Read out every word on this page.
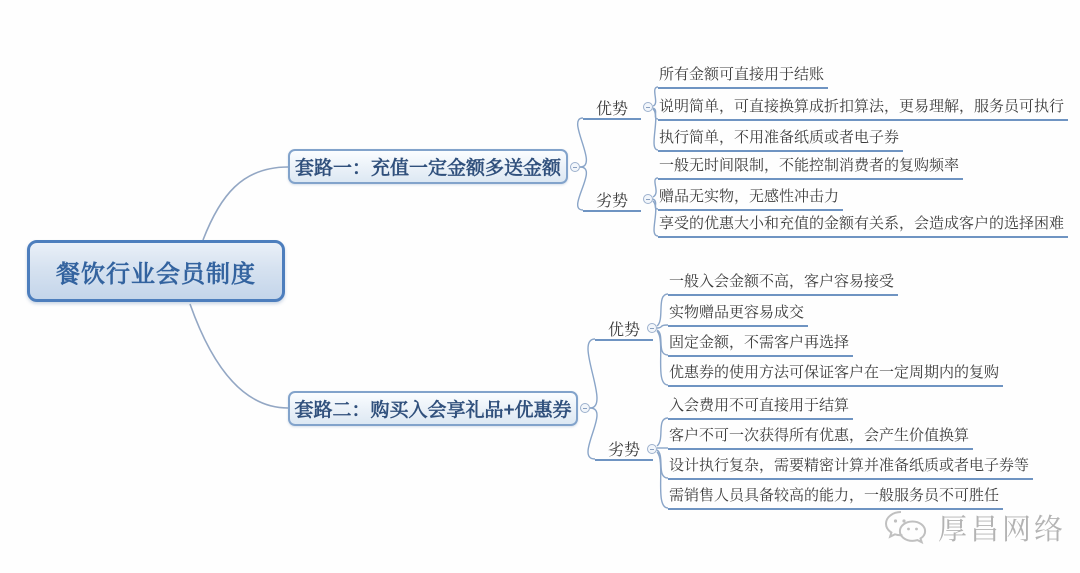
餐饮行业会员制度
套路一：充值一定金额多送金额
套路二：购买入会享礼品+优惠券
优势
劣势
优势
劣势
所有金额可直接用于结账
说明简单，可直接换算成折扣算法，更易理解，服务员可执行
执行简单，不用准备纸质或者电子券
一般无时间限制，不能控制消费者的复购频率
赠品无实物，无感性冲击力
享受的优惠大小和充值的金额有关系，会造成客户的选择困难
一般入会金额不高，客户容易接受
实物赠品更容易成交
固定金额，不需客户再选择
优惠券的使用方法可保证客户在一定周期内的复购
入会费用不可直接用于结算
客户不可一次获得所有优惠，会产生价值换算
设计执行复杂，需要精密计算并准备纸质或者电子券等
需销售人员具备较高的能力，一般服务员不可胜任
厚昌网络
